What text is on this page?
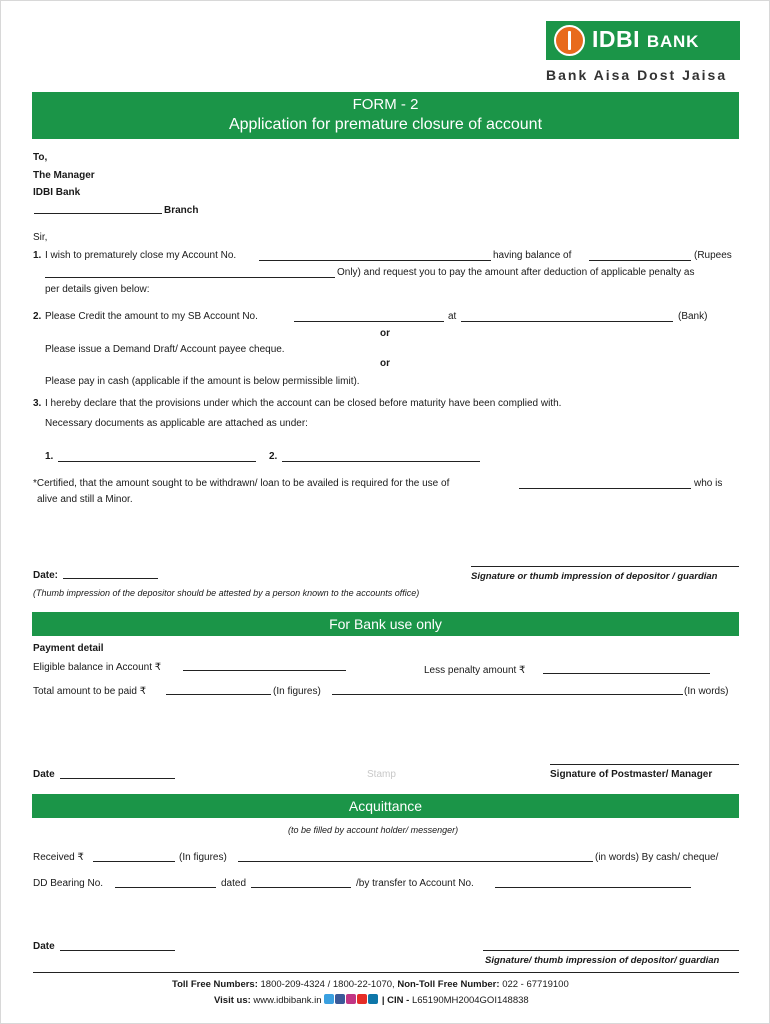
IDBI BANK
Bank Aisa Dost Jaisa
FORM - 2
Application for premature closure of account
To,
The Manager
IDBI Bank
Branch
Sir,
1. I wish to prematurely close my Account No.	having balance of	(Rupees
Only) and request you to pay the amount after deduction of applicable penalty as
per details given below:
2. Please Credit the amount to my SB Account No.	at	(Bank)
or
Please issue a Demand Draft/ Account payee cheque.
or
Please pay in cash (applicable if the amount is below permissible limit).
3. I hereby declare that the provisions under which the account can be closed before maturity have been complied with.
Necessary documents as applicable are attached as under:
1.	2.
*Certified, that the amount sought to be withdrawn/ loan to be availed is required for the use of	who is
alive and still a Minor.
Date:	Signature or thumb impression of depositor / guardian
(Thumb impression of the depositor should be attested by a person known to the accounts office)
For Bank use only
Payment detail
Eligible balance in Account ₹	Less penalty amount ₹
Total amount to be paid ₹	(In figures)	(In words)
Date	Stamp	Signature of Postmaster/ Manager
Acquittance
(to be filled by account holder/ messenger)
Received ₹	(In figures)	(in words) By cash/ cheque/
DD Bearing No.	dated	/by transfer to Account No.
Date
Signature/ thumb impression of depositor/ guardian
Toll Free Numbers: 1800-209-4324 / 1800-22-1070, Non-Toll Free Number: 022 - 67719100
Visit us: www.idbibank.in	| CIN - L65190MH2004GOI148838
